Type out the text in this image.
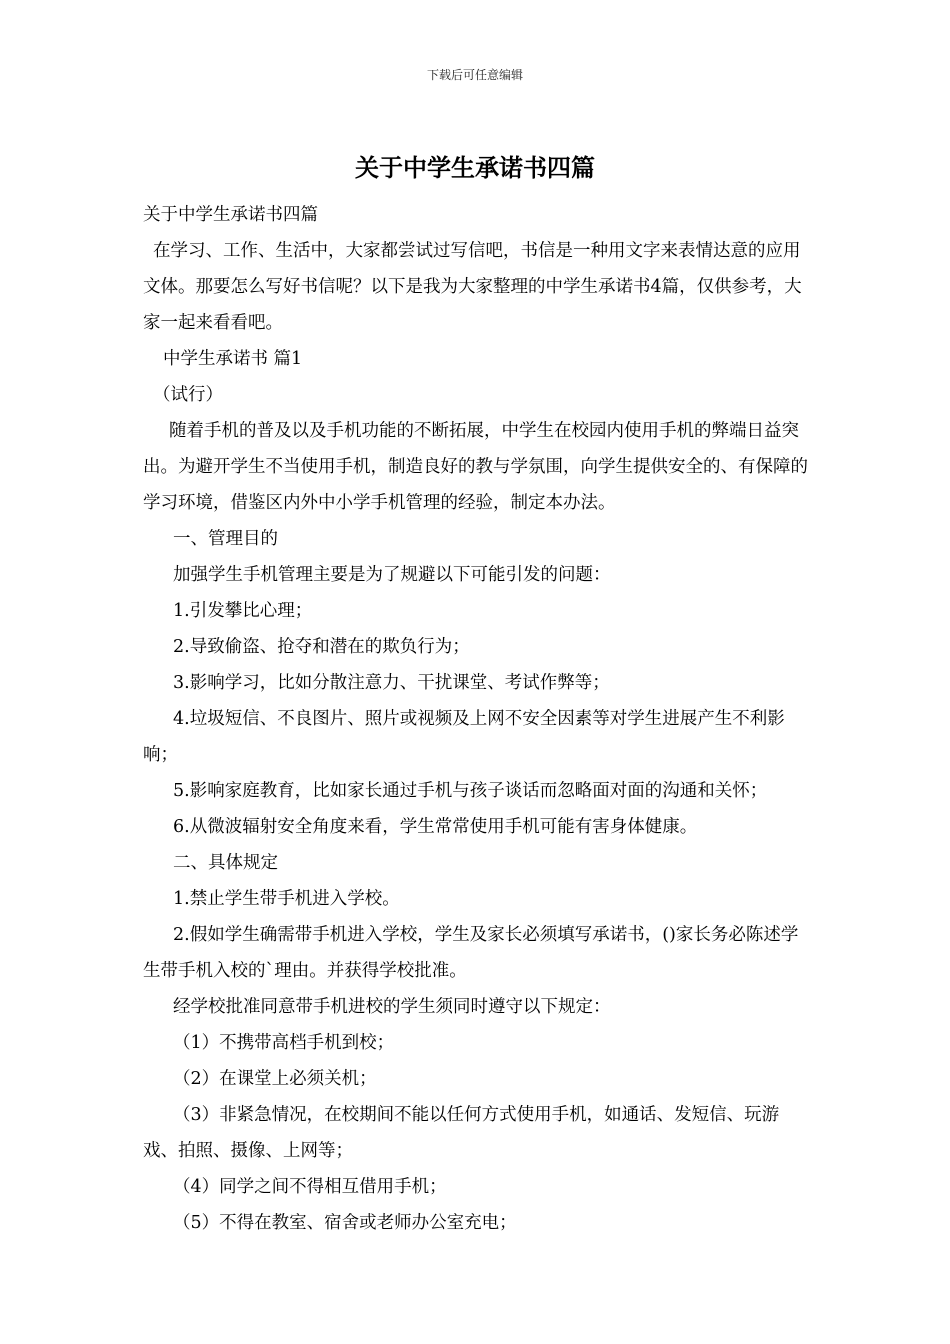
下载后可任意编辑
关于中学生承诺书四篇

关于中学生承诺书四篇

在学习、工作、生活中，大家都尝试过写信吧，书信是一种用文字来表情达意的应用文体。那要怎么写好书信呢？以下是我为大家整理的中学生承诺书4篇，仅供参考，大家一起来看看吧。

中学生承诺书 篇1

（试行）

随着手机的普及以及手机功能的不断拓展，中学生在校园内使用手机的弊端日益突出。为避开学生不当使用手机，制造良好的教与学氛围，向学生提供安全的、有保障的学习环境，借鉴区内外中小学手机管理的经验，制定本办法。

一、管理目的

加强学生手机管理主要是为了规避以下可能引发的问题：

1.引发攀比心理；

2.导致偷盗、抢夺和潜在的欺负行为；

3.影响学习，比如分散注意力、干扰课堂、考试作弊等；

4.垃圾短信、不良图片、照片或视频及上网不安全因素等对学生进展产生不利影响；

5.影响家庭教育，比如家长通过手机与孩子谈话而忽略面对面的沟通和关怀；

6.从微波辐射安全角度来看，学生常常使用手机可能有害身体健康。

二、具体规定

1.禁止学生带手机进入学校。

2.假如学生确需带手机进入学校，学生及家长必须填写承诺书，()家长务必陈述学生带手机入校的`理由。并获得学校批准。

经学校批准同意带手机进校的学生须同时遵守以下规定：

（1）不携带高档手机到校；

（2）在课堂上必须关机；

（3）非紧急情况，在校期间不能以任何方式使用手机，如通话、发短信、玩游戏、拍照、摄像、上网等；

（4）同学之间不得相互借用手机；

（5）不得在教室、宿舍或老师办公室充电；
